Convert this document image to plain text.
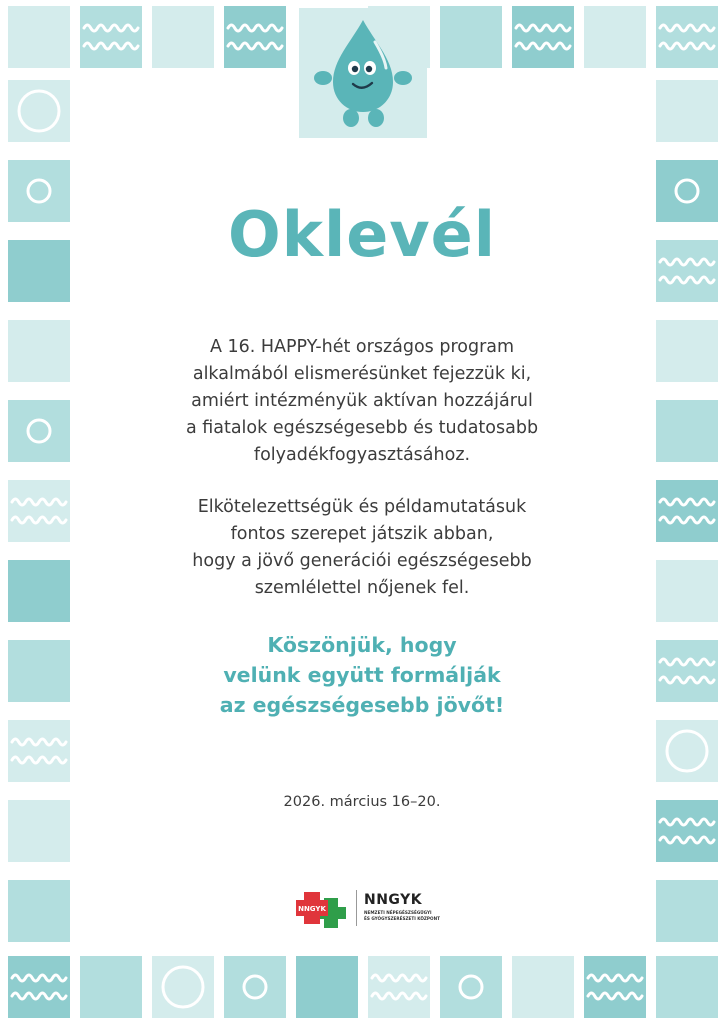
Oklevél
A 16. HAPPY-hét országos program
alkalmából elismerésünket fejezzük ki,
amiért intézményük aktívan hozzájárul
a fiatalok egészségesebb és tudatosabb
folyadékfogyasztásához.
Elkötelezettségük és példamutatásuk
fontos szerepet játszik abban,
hogy a jövő generációi egészségesebb
szemlélettel nőjenek fel.
Köszönjük, hogy
velünk együtt formálják
az egészségesebb jövőt!

2026. március 16–20.

NNGYK
NNGYK
NEMZETI NÉPEGÉSZSÉGÜGYI
ÉS GYÓGYSZERÉSZETI KÖZPONT
